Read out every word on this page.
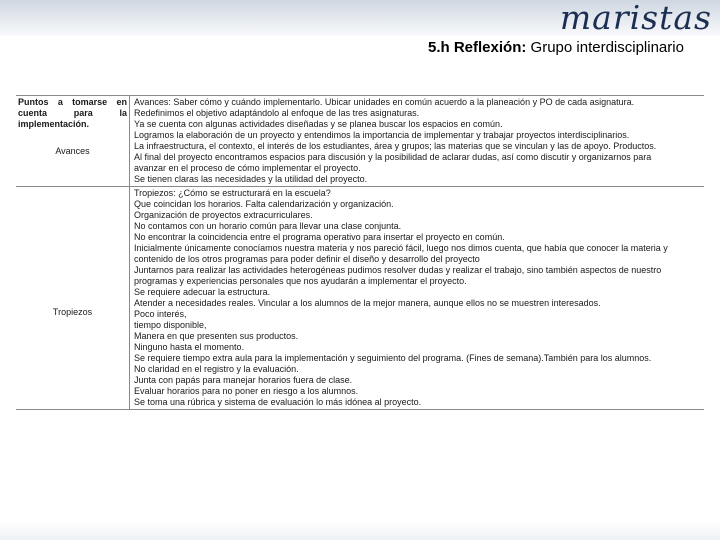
maristas
5.h Reflexión: Grupo interdisciplinario
Puntos a tomarse en cuenta para la implementación.
Avances
Avances: Saber cómo y cuándo implementarlo. Ubicar unidades en común acuerdo a la planeación y PO de cada asignatura.
Redefinimos el objetivo adaptándolo al enfoque de las tres asignaturas.
Ya se cuenta con algunas actividades diseñadas y se planea buscar los espacios en común.
Logramos la elaboración de un proyecto y entendimos la importancia de implementar y trabajar proyectos interdisciplinarios.
La infraestructura, el contexto, el interés de los estudiantes, área y grupos; las materias que se vinculan y las de apoyo. Productos.
Al final del proyecto encontramos espacios para discusión y la posibilidad de aclarar dudas, así como discutir y organizarnos para
avanzar en el proceso de cómo implementar el proyecto.
Se tienen claras las necesidades y la utilidad del proyecto.
Tropiezos
Tropiezos: ¿Cómo se estructurará en la escuela?
Que coincidan los horarios. Falta calendarización y organización.
Organización de proyectos extracurriculares.
No contamos con un horario común para llevar una clase conjunta.
No encontrar la coincidencia entre el programa operativo para insertar el proyecto en común.
Inicialmente únicamente conocíamos nuestra materia y nos pareció fácil, luego nos dimos cuenta, que había que conocer la materia y
contenido de los otros programas para poder definir el diseño y desarrollo del proyecto
Juntarnos para realizar las actividades heterogéneas pudimos resolver dudas y realizar el trabajo, sino también aspectos de nuestro
programas y experiencias personales que nos ayudarán a implementar el proyecto.
Se requiere adecuar la estructura.
Atender a necesidades reales. Vincular a los alumnos de la mejor manera, aunque ellos no se muestren interesados.
Poco interés,
tiempo disponible,
Manera en que presenten sus productos.
Ninguno hasta el momento.
Se requiere tiempo extra aula para la implementación y seguimiento del programa. (Fines de semana).También para los alumnos.
No claridad en el registro y la evaluación.
Junta con papás para manejar horarios fuera de clase.
Evaluar horarios para no poner en riesgo a los alumnos.
Se toma una rúbrica y sistema de evaluación lo más idónea al proyecto.
